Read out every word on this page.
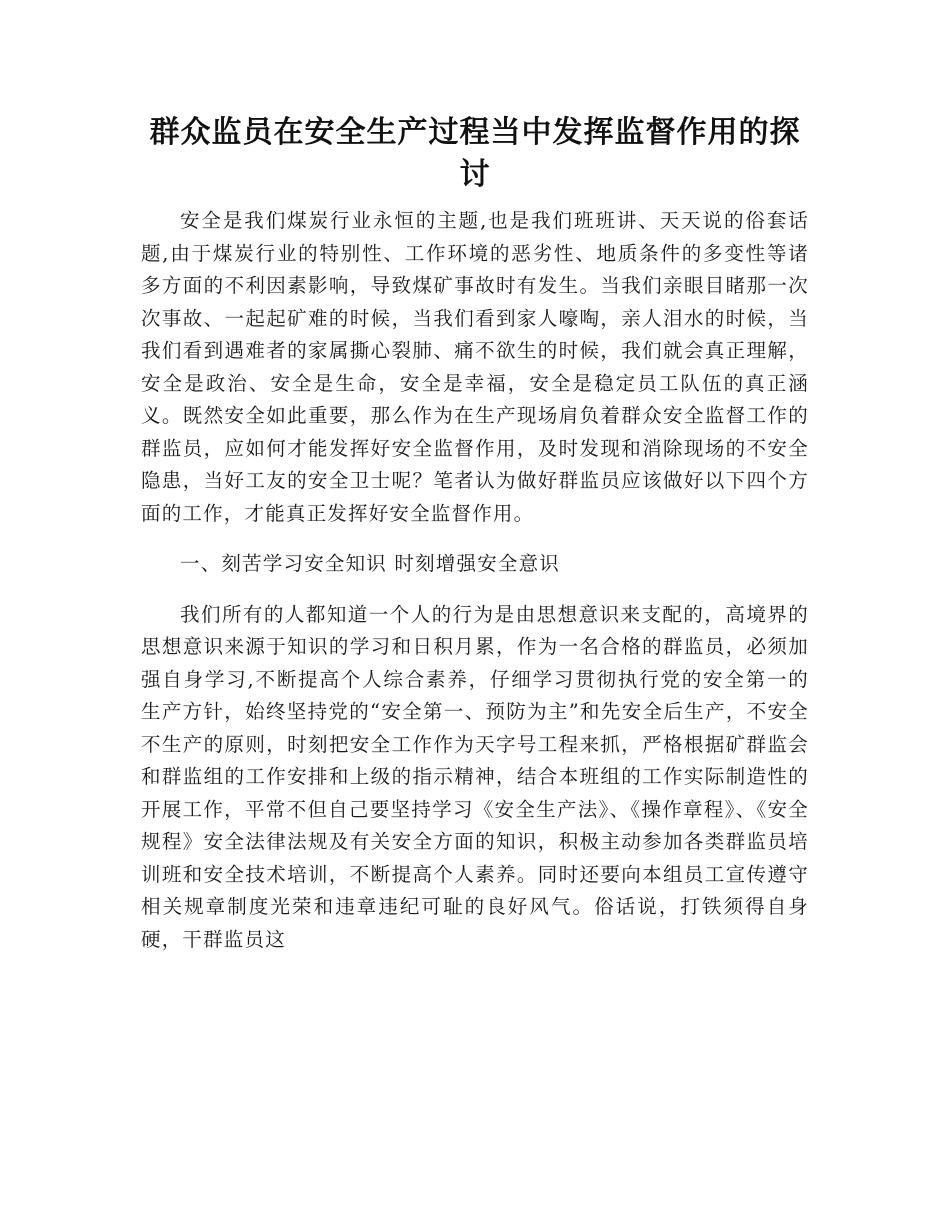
群众监员在安全生产过程当中发挥监督作用的探讨

安全是我们煤炭行业永恒的主题,也是我们班班讲、天天说的俗套话题,由于煤炭行业的特别性、工作环境的恶劣性、地质条件的多变性等诸多方面的不利因素影响，导致煤矿事故时有发生。当我们亲眼目睹那一次次事故、一起起矿难的时候，当我们看到家人嚎啕，亲人泪水的时候，当我们看到遇难者的家属撕心裂肺、痛不欲生的时候，我们就会真正理解，安全是政治、安全是生命，安全是幸福，安全是稳定员工队伍的真正涵义。既然安全如此重要，那么作为在生产现场肩负着群众安全监督工作的群监员，应如何才能发挥好安全监督作用，及时发现和消除现场的不安全隐患，当好工友的安全卫士呢？笔者认为做好群监员应该做好以下四个方面的工作，才能真正发挥好安全监督作用。

一、刻苦学习安全知识 时刻增强安全意识

我们所有的人都知道一个人的行为是由思想意识来支配的，高境界的思想意识来源于知识的学习和日积月累，作为一名合格的群监员，必须加强自身学习,不断提高个人综合素养，仔细学习贯彻执行党的安全第一的生产方针，始终坚持党的“安全第一、预防为主”和先安全后生产，不安全不生产的原则，时刻把安全工作作为天字号工程来抓，严格根据矿群监会和群监组的工作安排和上级的指示精神，结合本班组的工作实际制造性的开展工作，平常不但自己要坚持学习《安全生产法》、《操作章程》、《安全规程》安全法律法规及有关安全方面的知识，积极主动参加各类群监员培训班和安全技术培训，不断提高个人素养。同时还要向本组员工宣传遵守相关规章制度光荣和违章违纪可耻的良好风气。俗话说，打铁须得自身硬，干群监员这
